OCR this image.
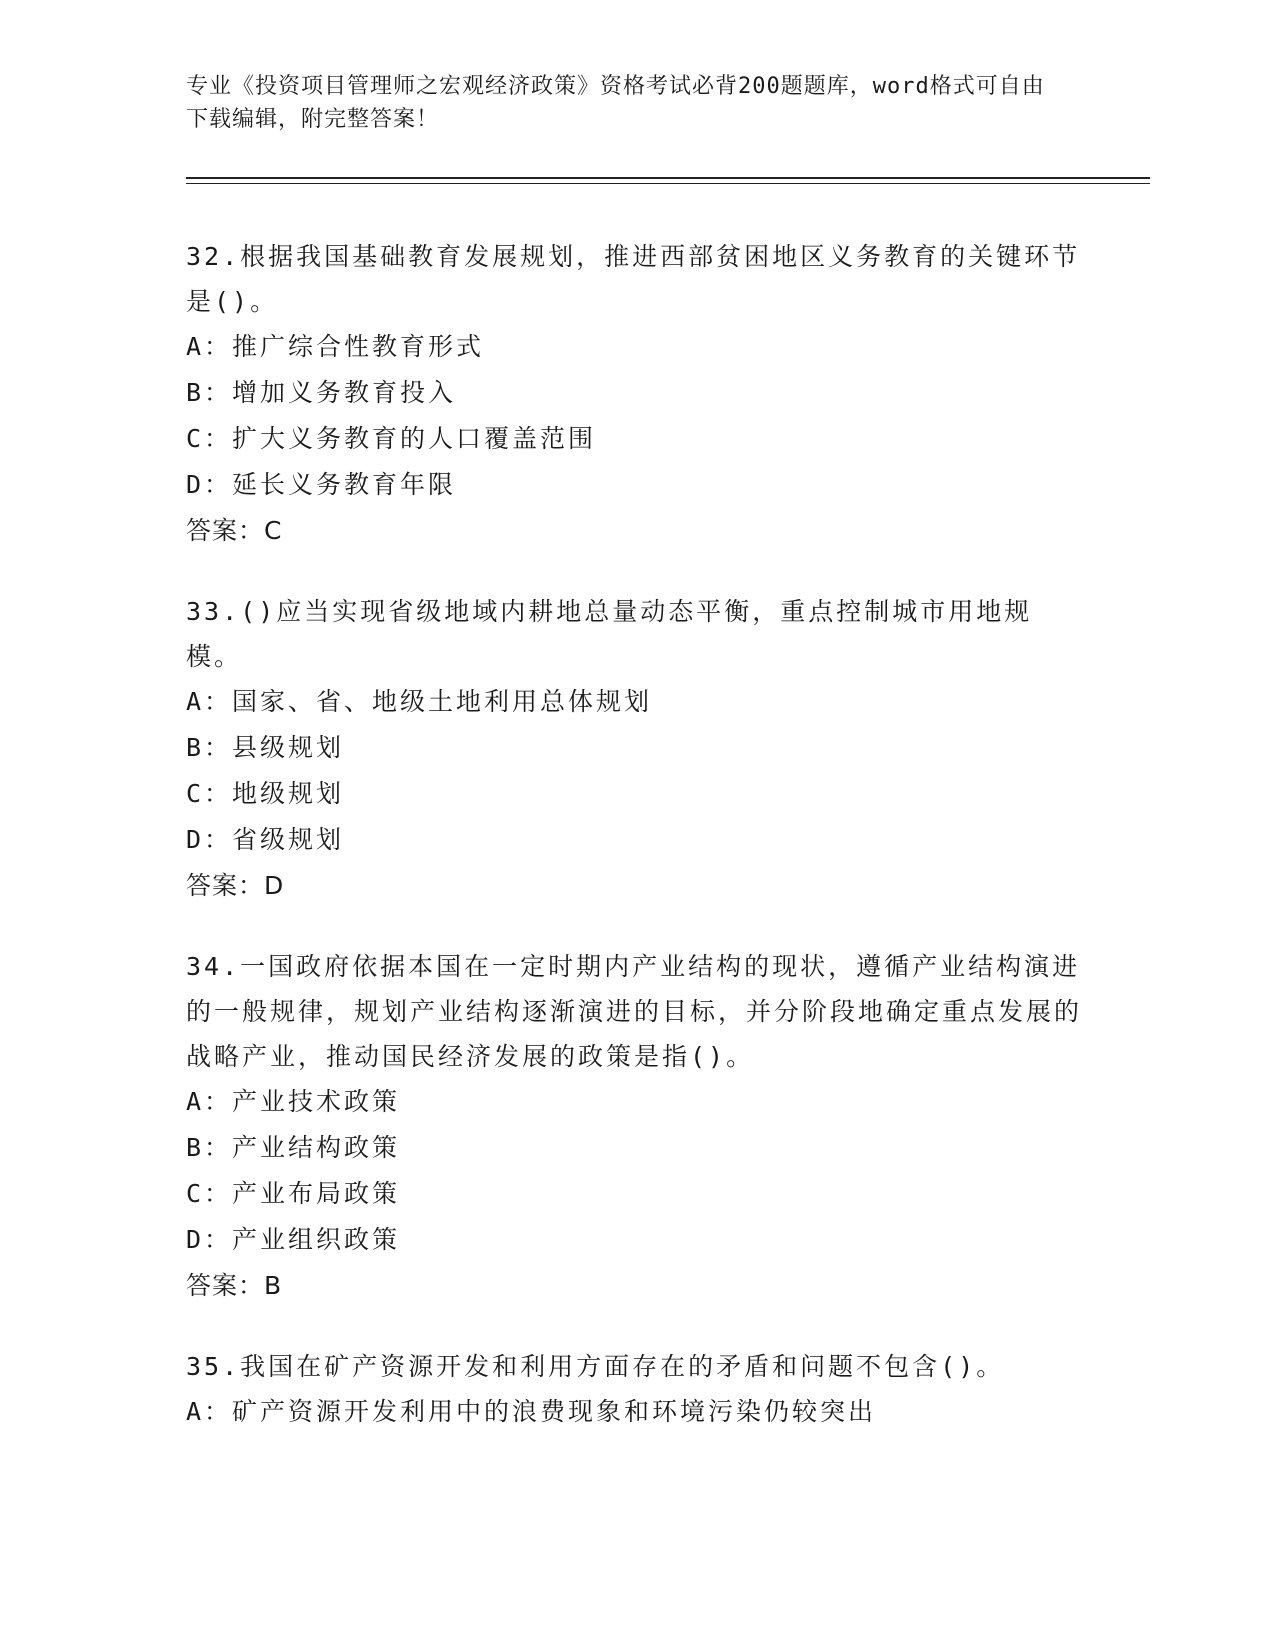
专业《投资项目管理师之宏观经济政策》资格考试必背200题题库，word格式可自由下载编辑，附完整答案！
32.根据我国基础教育发展规划，推进西部贫困地区义务教育的关键环节是()。
A：推广综合性教育形式
B：增加义务教育投入
C：扩大义务教育的人口覆盖范围
D：延长义务教育年限
答案：C
33.()应当实现省级地域内耕地总量动态平衡，重点控制城市用地规模。
A：国家、省、地级土地利用总体规划
B：县级规划
C：地级规划
D：省级规划
答案：D
34.一国政府依据本国在一定时期内产业结构的现状，遵循产业结构演进的一般规律，规划产业结构逐渐演进的目标，并分阶段地确定重点发展的战略产业，推动国民经济发展的政策是指()。
A：产业技术政策
B：产业结构政策
C：产业布局政策
D：产业组织政策
答案：B
35.我国在矿产资源开发和利用方面存在的矛盾和问题不包含()。
A：矿产资源开发利用中的浪费现象和环境污染仍较突出
